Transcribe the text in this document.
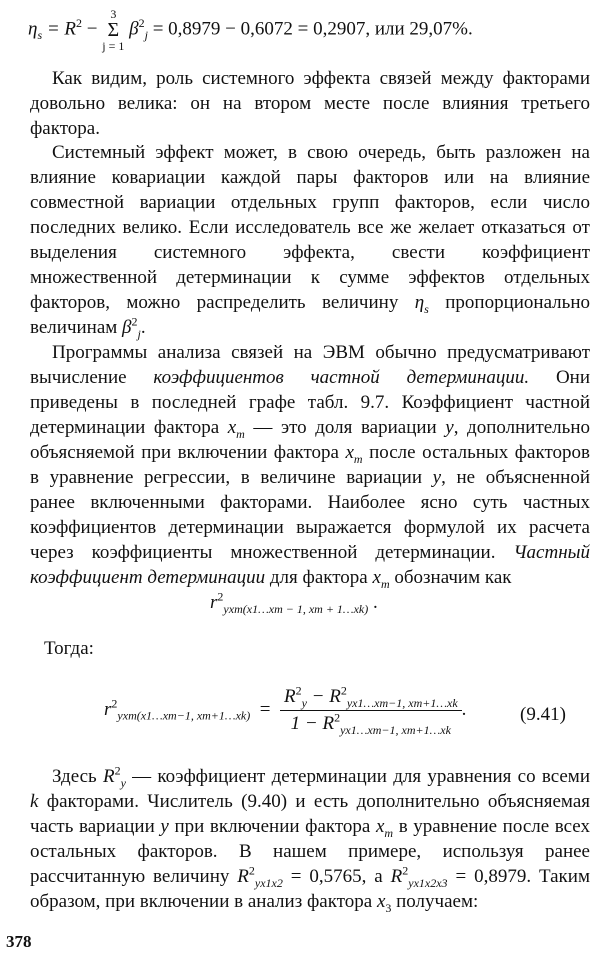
$\eta_s = R^2 - 3$
Σ
j = 1 $\beta^2_j = 0,8979 - 0,6072 = 0,2907$, или 29,07%.

Как видим, роль системного эффекта связей между факторами довольно велика: он на втором месте после влияния третьего фактора.

Системный эффект может, в свою очередь, быть разложен на влияние ковариации каждой пары факторов или на влияние совместной вариации отдельных групп факторов, если число последних велико. Если исследователь все же желает отказаться от выделения системного эффекта, свести коэффициент множественной детерминации к сумме эффектов отдельных факторов, можно распределить величину $\eta_s$ пропорционально величинам $\beta^2_j$.

Программы анализа связей на ЭВМ обычно предусматривают вычисление коэффициентов частной детерминации. Они приведены в последней графе табл. 9.7. Коэффициент частной детерминации фактора $x_m$ — это доля вариации y, дополнительно объясняемой при включении фактора $x_m$ после остальных факторов в уравнение регрессии, в величине вариации y, не объясненной ранее включенными факторами. Наиболее ясно суть частных коэффициентов детерминации выражается формулой их расчета через коэффициенты множественной детерминации. Частный коэффициент детерминации для фактора $x_m$ обозначим как

$r^2_{yxm(x1\dots xm - 1, xm + 1\dots xk)}$ .
Тогда:
$r^2_{yxm(x1\dots xm-1, xm+1\dots xk)} = \frac{R^2_y - R^2_{yx1\dots xm-1, xm+1\dots xk}}{1 - R^2_{yx1\dots xm-1, xm+1\dots xk}}$ .	(9.41)

Здесь $R^2_y$ — коэффициент детерминации для уравнения со всеми k факторами. Числитель (9.40) и есть дополнительно объясняемая часть вариации y при включении фактора $x_m$ в уравнение после всех остальных факторов. В нашем примере, используя ранее рассчитанную величину $R^2_{yx1x2} = 0,5765$, а $R^2_{yx1x2x3} = 0,8979$. Таким образом, при включении в анализ фактора $x_3$ получаем:

378
